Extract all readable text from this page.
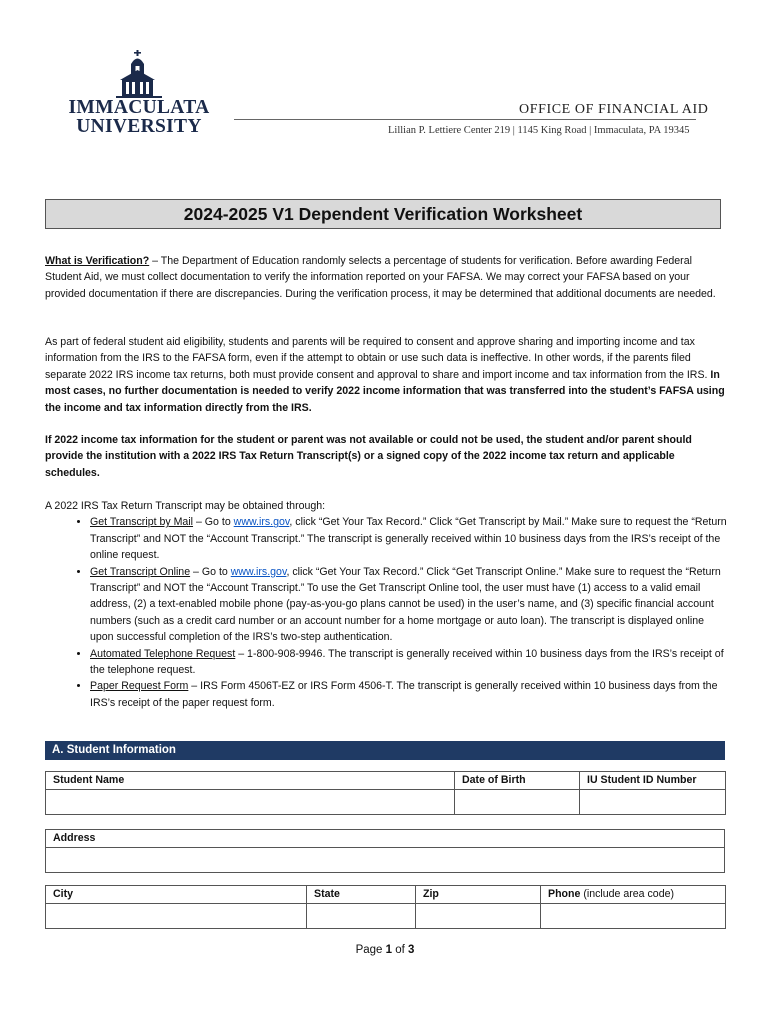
IMMACULATA
UNIVERSITY
OFFICE OF FINANCIAL AID
Lillian P. Lettiere Center 219 | 1145 King Road | Immaculata, PA 19345
2024-2025 V1 Dependent Verification Worksheet
What is Verification? – The Department of Education randomly selects a percentage of students for verification. Before awarding Federal Student Aid, we must collect documentation to verify the information reported on your FAFSA. We may correct your FAFSA based on your provided documentation if there are discrepancies. During the verification process, it may be determined that additional documents are needed.
As part of federal student aid eligibility, students and parents will be required to consent and approve sharing and importing income and tax information from the IRS to the FAFSA form, even if the attempt to obtain or use such data is ineffective. In other words, if the parents filed separate 2022 IRS income tax returns, both must provide consent and approval to share and import income and tax information from the IRS. In most cases, no further documentation is needed to verify 2022 income information that was transferred into the student’s FAFSA using the income and tax information directly from the IRS.
If 2022 income tax information for the student or parent was not available or could not be used, the student and/or parent should provide the institution with a 2022 IRS Tax Return Transcript(s) or a signed copy of the 2022 income tax return and applicable schedules.

A 2022 IRS Tax Return Transcript may be obtained through:

• Get Transcript by Mail – Go to www.irs.gov, click “Get Your Tax Record.” Click “Get Transcript by Mail.” Make sure to request the “Return Transcript” and NOT the “Account Transcript.” The transcript is generally received within 10 business days from the IRS’s receipt of the online request.
• Get Transcript Online – Go to www.irs.gov, click “Get Your Tax Record.” Click “Get Transcript Online.” Make sure to request the “Return Transcript” and NOT the “Account Transcript.” To use the Get Transcript Online tool, the user must have (1) access to a valid email address, (2) a text-enabled mobile phone (pay-as-you-go plans cannot be used) in the user’s name, and (3) specific financial account numbers (such as a credit card number or an account number for a home mortgage or auto loan). The transcript is displayed online upon successful completion of the IRS’s two-step authentication.
• Automated Telephone Request – 1-800-908-9946. The transcript is generally received within 10 business days from the IRS’s receipt of the telephone request.
• Paper Request Form – IRS Form 4506T-EZ or IRS Form 4506-T. The transcript is generally received within 10 business days from the IRS’s receipt of the paper request form.
A. Student Information
Student Name	Date of Birth	IU Student ID Number

Address

City	State	Zip	Phone (include area code)

Page 1 of 3
